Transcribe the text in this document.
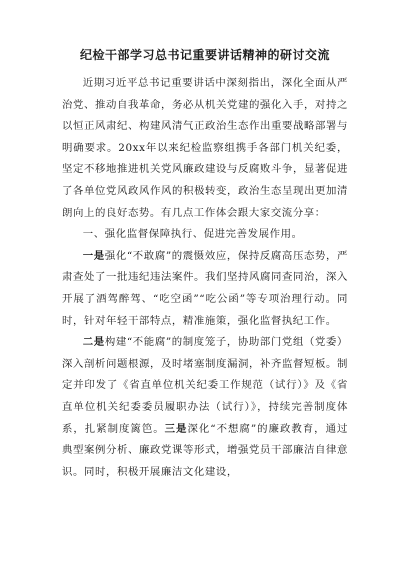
纪检干部学习总书记重要讲话精神的研讨交流

近期习近平总书记重要讲话中深刻指出，深化全面从严治党、推动自我革命，务必从机关党建的强化入手，对持之以恒正风肃纪、构建风清气正政治生态作出重要战略部署与明确要求。20xx年以来纪检监察组携手各部门机关纪委，坚定不移地推进机关党风廉政建设与反腐败斗争，显著促进了各单位党风政风作风的积极转变，政治生态呈现出更加清朗向上的良好态势。有几点工作体会跟大家交流分享：

一、强化监督保障执行、促进完善发展作用。

一是强化“不敢腐”的震慑效应，保持反腐高压态势，严肃查处了一批违纪违法案件。我们坚持风腐同查同治，深入开展了酒驾醉驾、“吃空函”“吃公函”等专项治理行动。同时，针对年轻干部特点，精准施策，强化监督执纪工作。

二是构建“不能腐”的制度笼子，协助部门党组（党委）深入剖析问题根源，及时堵塞制度漏洞，补齐监督短板。制定并印发了《省直单位机关纪委工作规范（试行）》及《省直单位机关纪委委员履职办法（试行）》，持续完善制度体系，扎紧制度篱笆。三是深化“不想腐”的廉政教育，通过典型案例分析、廉政党课等形式，增强党员干部廉洁自律意识。同时，积极开展廉洁文化建设，
